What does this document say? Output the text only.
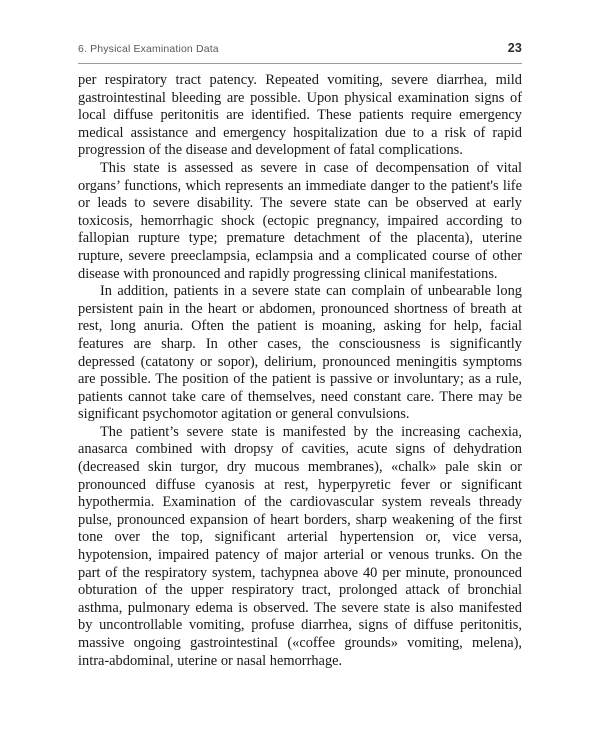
6. Physical Examination Data	23

per respiratory tract patency. Repeated vomiting, severe diarrhea, mild gastrointestinal bleeding are possible. Upon physical examination signs of local diffuse peritonitis are identified. These patients require emergency medical assistance and emergency hospitalization due to a risk of rapid progression of the disease and development of fatal complications.

This state is assessed as severe in case of decompensation of vital organs’ functions, which represents an immediate danger to the patient's life or leads to severe disability. The severe state can be observed at early toxicosis, hemorrhagic shock (ectopic pregnancy, impaired according to fallopian rupture type; premature detachment of the placenta), uterine rupture, severe preeclampsia, eclampsia and a complicated course of other disease with pronounced and rapidly progressing clinical manifestations.

In addition, patients in a severe state can complain of unbearable long persistent pain in the heart or abdomen, pronounced shortness of breath at rest, long anuria. Often the patient is moaning, asking for help, facial features are sharp. In other cases, the consciousness is significantly depressed (catatony or sopor), delirium, pronounced meningitis symptoms are possible. The position of the patient is passive or involuntary; as a rule, patients cannot take care of themselves, need constant care. There may be significant psychomotor agitation or general convulsions.

The patient’s severe state is manifested by the increasing cachexia, anasarca combined with dropsy of cavities, acute signs of dehydration (decreased skin turgor, dry mucous membranes), «chalk» pale skin or pronounced diffuse cyanosis at rest, hyperpyretic fever or significant hypothermia. Examination of the cardiovascular system reveals thready pulse, pronounced expansion of heart borders, sharp weakening of the first tone over the top, significant arterial hypertension or, vice versa, hypotension, impaired patency of major arterial or venous trunks. On the part of the respiratory system, tachypnea above 40 per minute, pronounced obturation of the upper respiratory tract, prolonged attack of bronchial asthma, pulmonary edema is observed. The severe state is also manifested by uncontrollable vomiting, profuse diarrhea, signs of diffuse peritonitis, massive ongoing gastrointestinal («coffee grounds» vomiting, melena), intra-abdominal, uterine or nasal hemorrhage.
